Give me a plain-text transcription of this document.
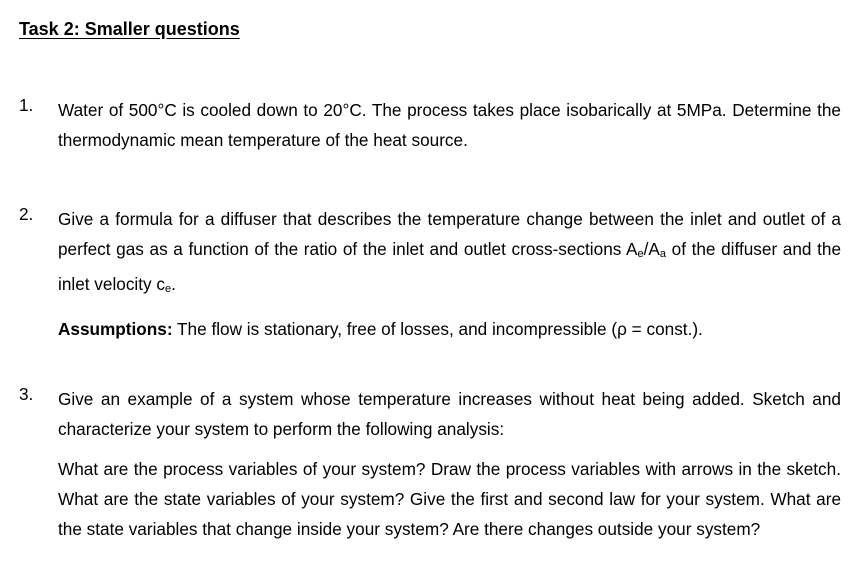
Task 2: Smaller questions
1. Water of 500°C is cooled down to 20°C. The process takes place isobarically at 5MPa. Determine the thermodynamic mean temperature of the heat source.

2. Give a formula for a diffuser that describes the temperature change between the inlet and outlet of a perfect gas as a function of the ratio of the inlet and outlet cross-sections $A_e/A_a$ of the diffuser and the inlet velocity $c_e$.

Assumptions: The flow is stationary, free of losses, and incompressible (ρ = const.).

3. Give an example of a system whose temperature increases without heat being added. Sketch and characterize your system to perform the following analysis:

What are the process variables of your system? Draw the process variables with arrows in the sketch. What are the state variables of your system? Give the first and second law for your system. What are the state variables that change inside your system? Are there changes outside your system?
